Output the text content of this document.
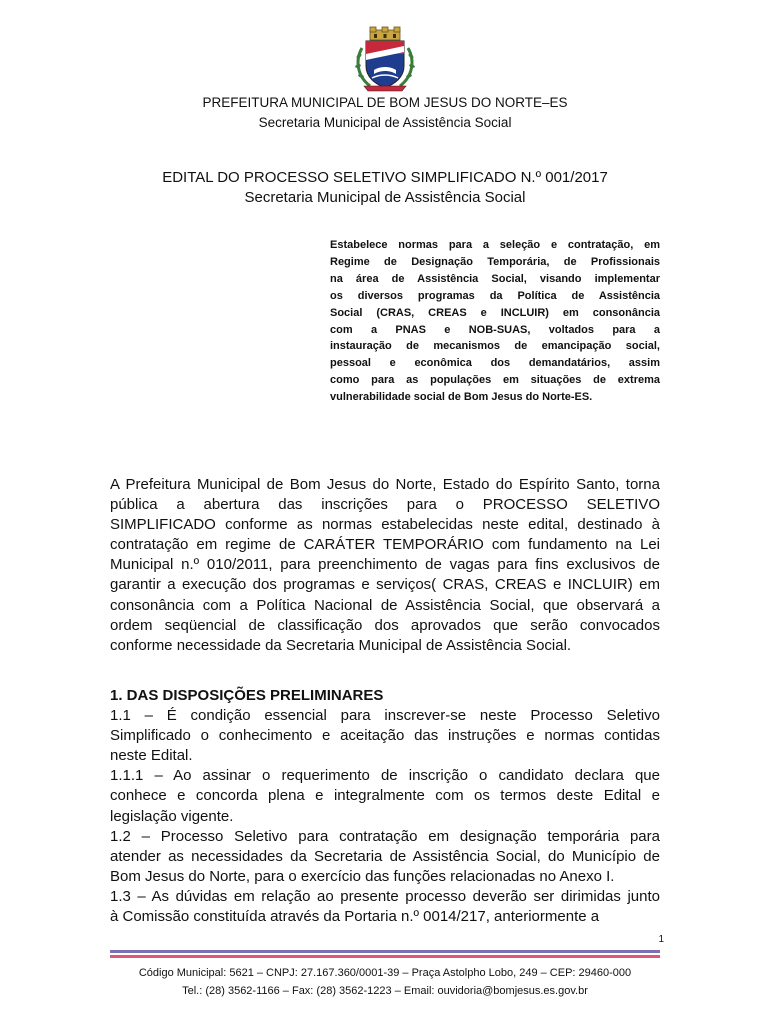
PREFEITURA MUNICIPAL DE BOM JESUS DO NORTE–ES
Secretaria Municipal de Assistência Social
EDITAL DO PROCESSO SELETIVO SIMPLIFICADO N.º 001/2017
Secretaria Municipal de Assistência Social
Estabelece normas para a seleção e contratação, em
Regime de Designação Temporária, de Profissionais
na área de Assistência Social, visando implementar
os diversos programas da Política de Assistência
Social (CRAS, CREAS e INCLUIR) em consonância
com a PNAS e NOB-SUAS, voltados para a
instauração de mecanismos de emancipação social,
pessoal e econômica dos demandatários, assim
como para as populações em situações de extrema
vulnerabilidade social de Bom Jesus do Norte-ES.
A Prefeitura Municipal de Bom Jesus do Norte, Estado do Espírito Santo, torna
pública a abertura das inscrições para o PROCESSO SELETIVO
SIMPLIFICADO conforme as normas estabelecidas neste edital, destinado à
contratação em regime de CARÁTER TEMPORÁRIO com fundamento na Lei
Municipal n.º 010/2011, para preenchimento de vagas para fins exclusivos de
garantir a execução dos programas e serviços( CRAS, CREAS e INCLUIR) em
consonância com a Política Nacional de Assistência Social, que observará a
ordem seqüencial de classificação dos aprovados que serão convocados
conforme necessidade da Secretaria Municipal de Assistência Social.
1. DAS DISPOSIÇÕES PRELIMINARES
1.1 – É condição essencial para inscrever-se neste Processo Seletivo
Simplificado o conhecimento e aceitação das instruções e normas contidas
neste Edital.
1.1.1 – Ao assinar o requerimento de inscrição o candidato declara que
conhece e concorda plena e integralmente com os termos deste Edital e
legislação vigente.
1.2 – Processo Seletivo para contratação em designação temporária para
atender as necessidades da Secretaria de Assistência Social, do Município de
Bom Jesus do Norte, para o exercício das funções relacionadas no Anexo I.
1.3 – As dúvidas em relação ao presente processo deverão ser dirimidas junto
à Comissão constituída através da Portaria n.º 0014/217, anteriormente a
1
Código Municipal: 5621 – CNPJ: 27.167.360/0001-39 – Praça Astolpho Lobo, 249 – CEP: 29460-000
Tel.: (28) 3562-1166 – Fax: (28) 3562-1223 – Email: ouvidoria@bomjesus.es.gov.br
